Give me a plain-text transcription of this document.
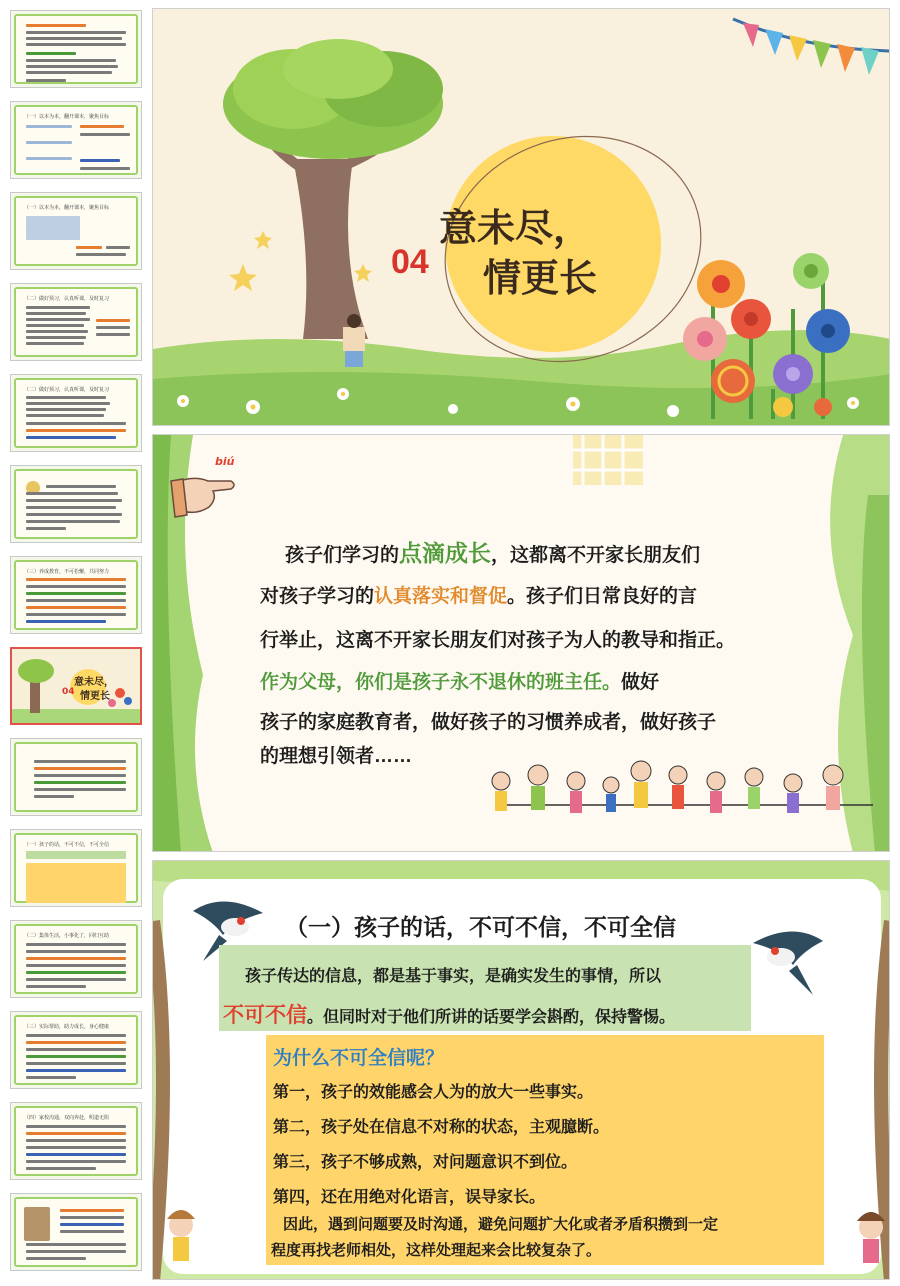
（一）以本为本，翻开课本，聚焦目标
（一）以本为本，翻开课本，聚焦目标
（二）做好预习，认真听课，及时复习
（二）做好预习，认真听课，及时复习
（三）养成教育，不可松懈，共同努力
意未尽，
情更长
04
（一）孩子的话，不可不信，不可全信
（二）集体生活，小事化了，回归互助
（三）实际帮助，助力成长，身心健康
（四）家校沟通，双向奔赴，明道无阻
意未尽，
情更长
04
biú
孩子们学习的点滴成长，这都离不开家长朋友们
对孩子学习的认真落实和督促。孩子们日常良好的言
行举止，这离不开家长朋友们对孩子为人的教导和指正。
作为父母，你们是孩子永不退休的班主任。做好
孩子的家庭教育者，做好孩子的习惯养成者，做好孩子
的理想引领者……
（一）孩子的话，不可不信，不可全信
孩子传达的信息，都是基于事实，是确实发生的事情，所以
不可不信。但同时对于他们所讲的话要学会斟酌，保持警惕。
为什么不可全信呢？
第一，孩子的效能感会人为的放大一些事实。
第二，孩子处在信息不对称的状态，主观臆断。
第三，孩子不够成熟，对问题意识不到位。
第四，还在用绝对化语言，误导家长。
因此，遇到问题要及时沟通，避免问题扩大化或者矛盾积攒到一定
程度再找老师相处，这样处理起来会比较复杂了。
